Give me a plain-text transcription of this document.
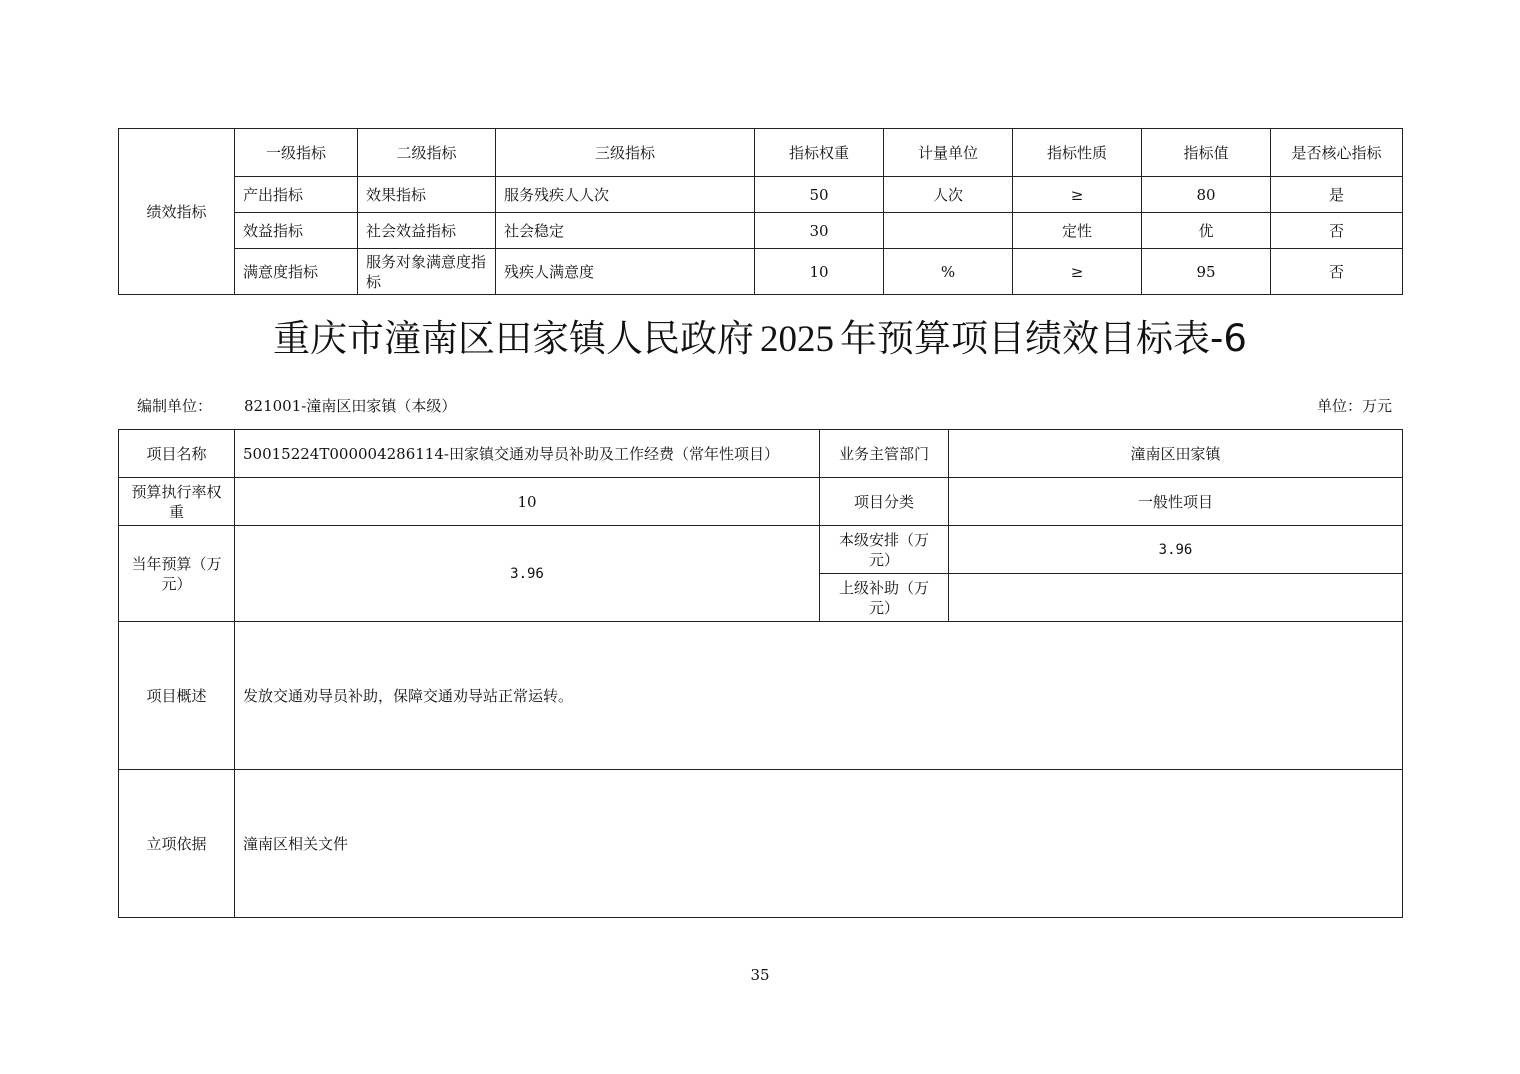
绩效指标	一级指标	二级指标	三级指标	指标权重	计量单位	指标性质	指标值	是否核心指标
	产出指标	效果指标	服务残疾人人次	50	人次	≥	80	是
	效益指标	社会效益指标	社会稳定	30		定性	优	否
	满意度指标	服务对象满意度指标	残疾人满意度	10	%	≥	95	否
重庆市潼南区田家镇人民政府 2025 年预算项目绩效目标表-6
编制单位： 821001-潼南区田家镇（本级）	单位：万元
项目名称	50015224T000004286114-田家镇交通劝导员补助及工作经费（常年性项目）	业务主管部门	潼南区田家镇
预算执行率权重	10	项目分类	一般性项目
当年预算（万元）	3.96	本级安排（万元）	3.96
		上级补助（万元）	
项目概述	发放交通劝导员补助，保障交通劝导站正常运转。		
立项依据	潼南区相关文件		
35
